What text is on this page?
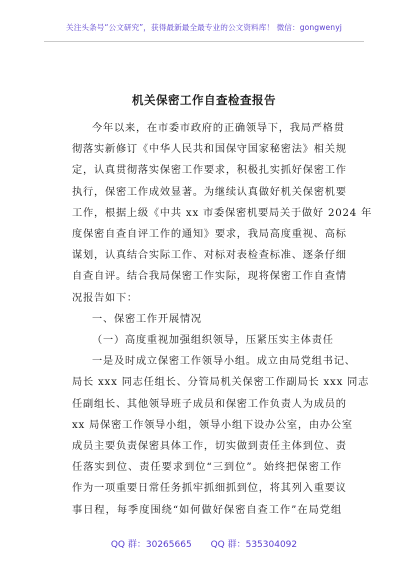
关注头条号“公文研究”，获得最新最全最专业的公文资料库！ 微信：gongwenyj
机关保密工作自查检查报告
今年以来，在市委市政府的正确领导下，我局严格贯
彻落实新修订《中华人民共和国保守国家秘密法》相关规
定，认真贯彻落实保密工作要求，积极扎实抓好保密工作
执行，保密工作成效显著。为继续认真做好机关保密机要
工作，根据上级《中共 xx 市委保密机要局关于做好 2024 年
度保密自查自评工作的通知》要求，我局高度重视、高标
谋划，认真结合实际工作、对标对表检查标准、逐条仔细
自查自评。结合我局保密工作实际，现将保密工作自查情
况报告如下：
一、保密工作开展情况
（一）高度重视加强组织领导，压紧压实主体责任
一是及时成立保密工作领导小组。成立由局党组书记、
局长 xxx 同志任组长、分管局机关保密工作副局长 xxx 同志
任副组长、其他领导班子成员和保密工作负责人为成员的
xx 局保密工作领导小组，领导小组下设办公室，由办公室
成员主要负责保密具体工作，切实做到责任主体到位、责
任落实到位、责任要求到位“三到位”。始终把保密工作
作为一项重要日常任务抓牢抓细抓到位，将其列入重要议
事日程，每季度围绕“如何做好保密自查工作”在局党组
QQ 群：30265665 QQ 群：535304092
